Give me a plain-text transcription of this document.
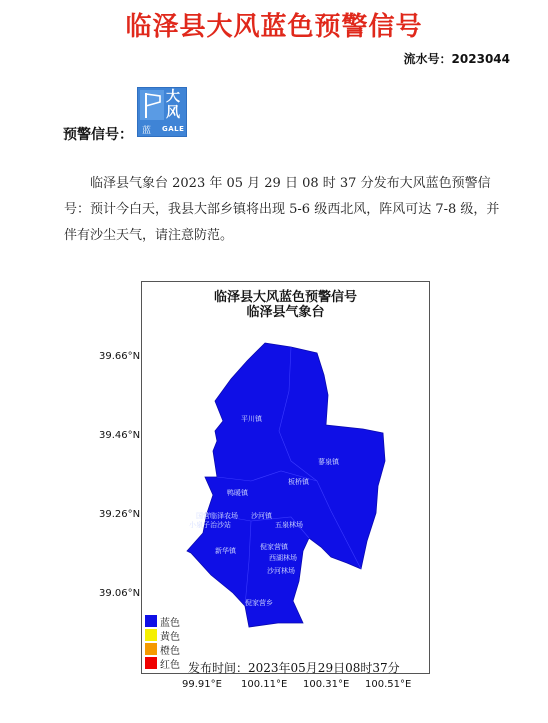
临泽县大风蓝色预警信号
流水号：2023044
预警信号：
大
风
蓝 GALE
临泽县气象台 2023 年 05 月 29 日 08 时 37 分发布大风蓝色预警信号：预计今白天，我县大部乡镇将出现 5-6 级西北风，阵风可达 7-8 级，并伴有沙尘天气，请注意防范。
平川镇
蓼泉镇
板桥镇
鸭暖镇
国营临泽农场
小泉子治沙站	五泉林场
沙河镇
新华镇	倪家营镇
西湖林场
沙河林场
倪家营乡
临泽县大风蓝色预警信号
临泽县气象台
39.66°N
39.46°N
39.26°N
39.06°N
99.91°E 100.11°E 100.31°E 100.51°E
蓝色
黄色
橙色
红色 发布时间：2023年05月29日08时37分
